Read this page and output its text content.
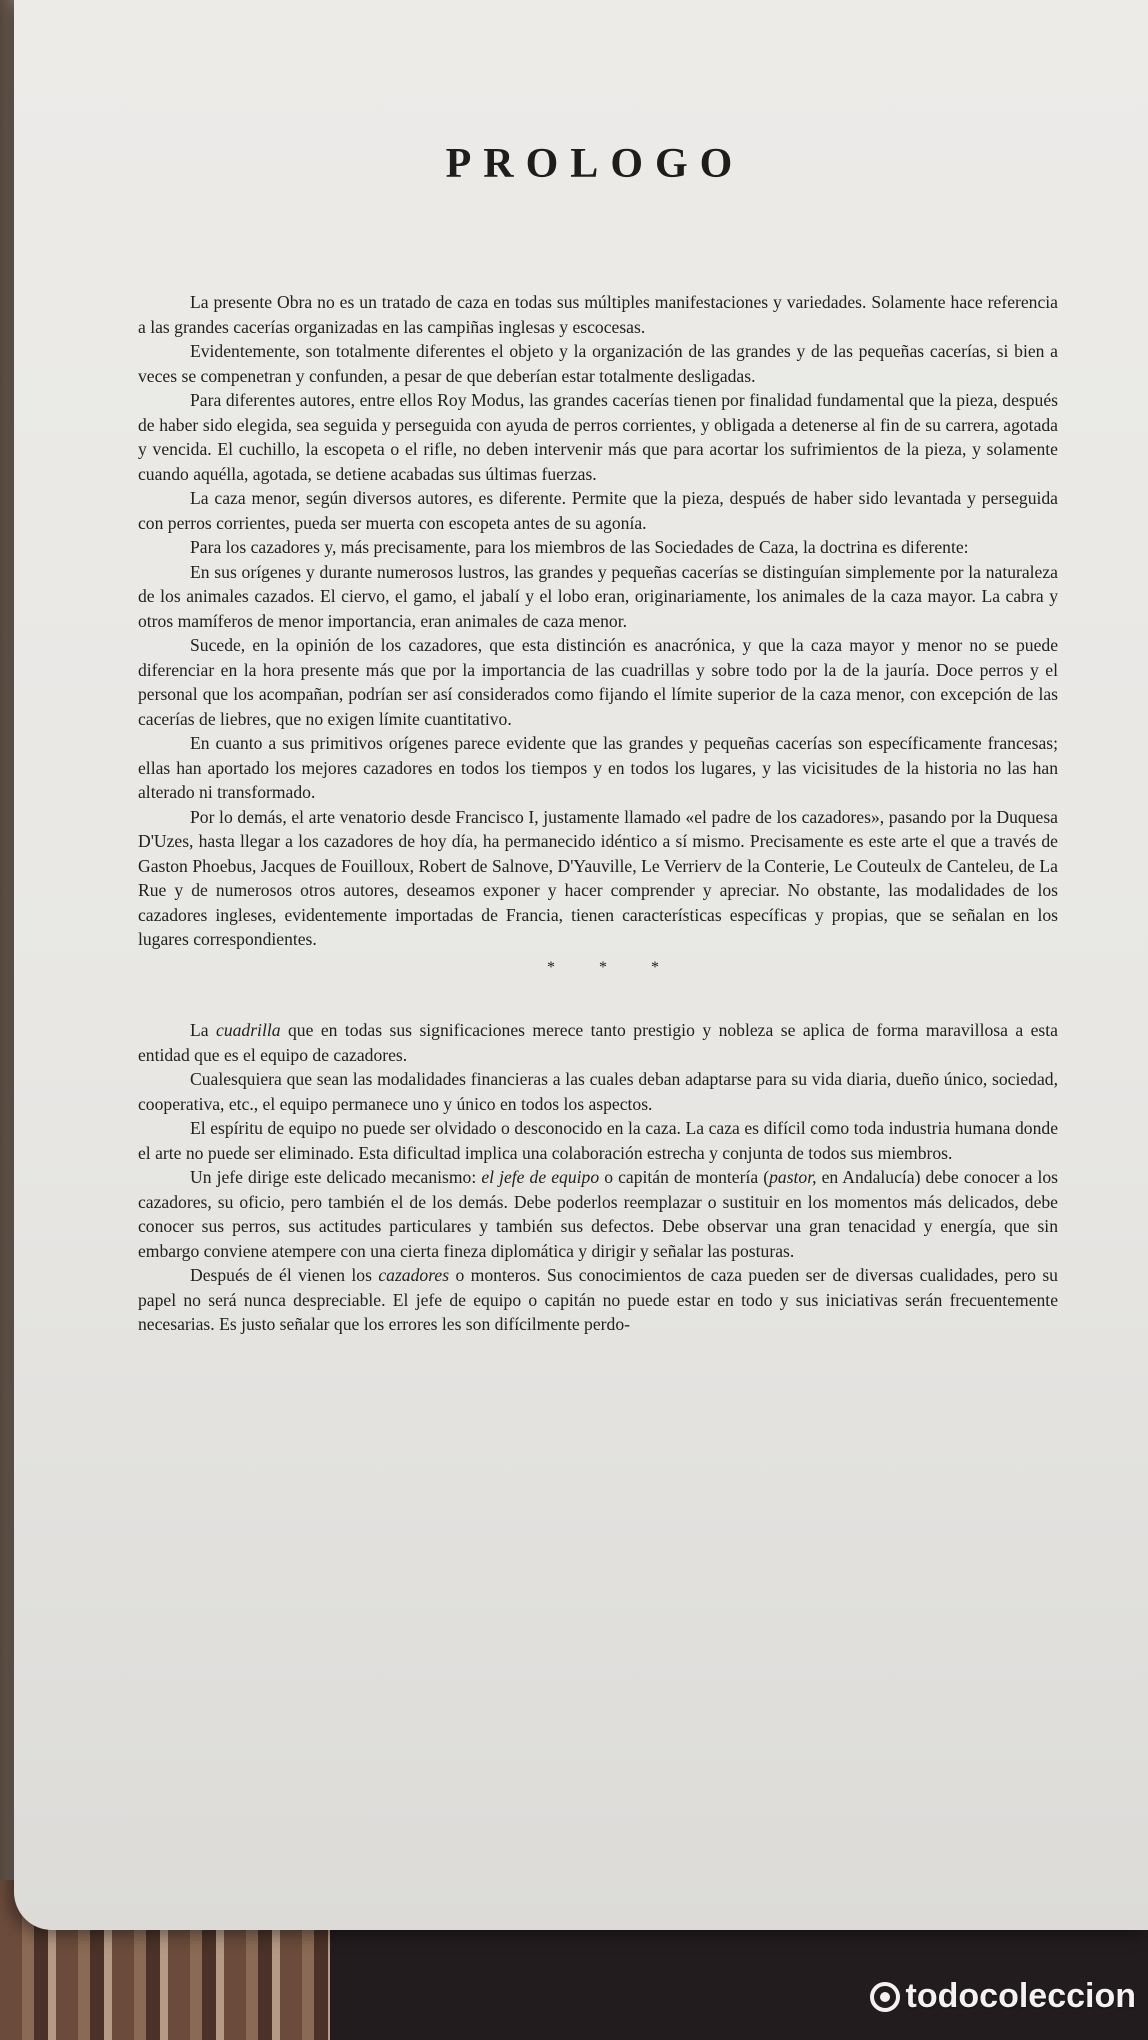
PROLOGO

La presente Obra no es un tratado de caza en todas sus múltiples manifestaciones y variedades. Solamente hace referencia a las grandes cacerías organizadas en las campiñas inglesas y escocesas.

Evidentemente, son totalmente diferentes el objeto y la organización de las grandes y de las pequeñas cacerías, si bien a veces se compenetran y confunden, a pesar de que deberían estar totalmente desligadas.

Para diferentes autores, entre ellos Roy Modus, las grandes cacerías tienen por finalidad fundamental que la pieza, después de haber sido elegida, sea seguida y perseguida con ayuda de perros corrientes, y obligada a detenerse al fin de su carrera, agotada y vencida. El cuchillo, la escopeta o el rifle, no deben intervenir más que para acortar los sufrimientos de la pieza, y solamente cuando aquélla, agotada, se detiene acabadas sus últimas fuerzas.

La caza menor, según diversos autores, es diferente. Permite que la pieza, después de haber sido levantada y perseguida con perros corrientes, pueda ser muerta con escopeta antes de su agonía.

Para los cazadores y, más precisamente, para los miembros de las Sociedades de Caza, la doctrina es diferente:

En sus orígenes y durante numerosos lustros, las grandes y pequeñas cacerías se distinguían simplemente por la naturaleza de los animales cazados. El ciervo, el gamo, el jabalí y el lobo eran, originariamente, los animales de la caza mayor. La cabra y otros mamíferos de menor importancia, eran animales de caza menor.

Sucede, en la opinión de los cazadores, que esta distinción es anacrónica, y que la caza mayor y menor no se puede diferenciar en la hora presente más que por la importancia de las cuadrillas y sobre todo por la de la jauría. Doce perros y el personal que los acompañan, podrían ser así considerados como fijando el límite superior de la caza menor, con excepción de las cacerías de liebres, que no exigen límite cuantitativo.

En cuanto a sus primitivos orígenes parece evidente que las grandes y pequeñas cacerías son específicamente francesas; ellas han aportado los mejores cazadores en todos los tiempos y en todos los lugares, y las vicisitudes de la historia no las han alterado ni transformado.

Por lo demás, el arte venatorio desde Francisco I, justamente llamado «el padre de los cazadores», pasando por la Duquesa D'Uzes, hasta llegar a los cazadores de hoy día, ha permanecido idéntico a sí mismo. Precisamente es este arte el que a través de Gaston Phoebus, Jacques de Fouilloux, Robert de Salnove, D'Yauville, Le Verrierv de la Conterie, Le Couteulx de Canteleu, de La Rue y de numerosos otros autores, deseamos exponer y hacer comprender y apreciar. No obstante, las modalidades de los cazadores ingleses, evidentemente importadas de Francia, tienen características específicas y propias, que se señalan en los lugares correspondientes.

* * *

La cuadrilla que en todas sus significaciones merece tanto prestigio y nobleza se aplica de forma maravillosa a esta entidad que es el equipo de cazadores.

Cualesquiera que sean las modalidades financieras a las cuales deban adaptarse para su vida diaria, dueño único, sociedad, cooperativa, etc., el equipo permanece uno y único en todos los aspectos.

El espíritu de equipo no puede ser olvidado o desconocido en la caza. La caza es difícil como toda industria humana donde el arte no puede ser eliminado. Esta dificultad implica una colaboración estrecha y conjunta de todos sus miembros.

Un jefe dirige este delicado mecanismo: el jefe de equipo o capitán de montería (pastor, en Andalucía) debe conocer a los cazadores, su oficio, pero también el de los demás. Debe poderlos reemplazar o sustituir en los momentos más delicados, debe conocer sus perros, sus actitudes particulares y también sus defectos. Debe observar una gran tenacidad y energía, que sin embargo conviene atempere con una cierta fineza diplomática y dirigir y señalar las posturas.

Después de él vienen los cazadores o monteros. Sus conocimientos de caza pueden ser de diversas cualidades, pero su papel no será nunca despreciable. El jefe de equipo o capitán no puede estar en todo y sus iniciativas serán frecuentemente necesarias. Es justo señalar que los errores les son difícilmente perdo-

todocoleccion
